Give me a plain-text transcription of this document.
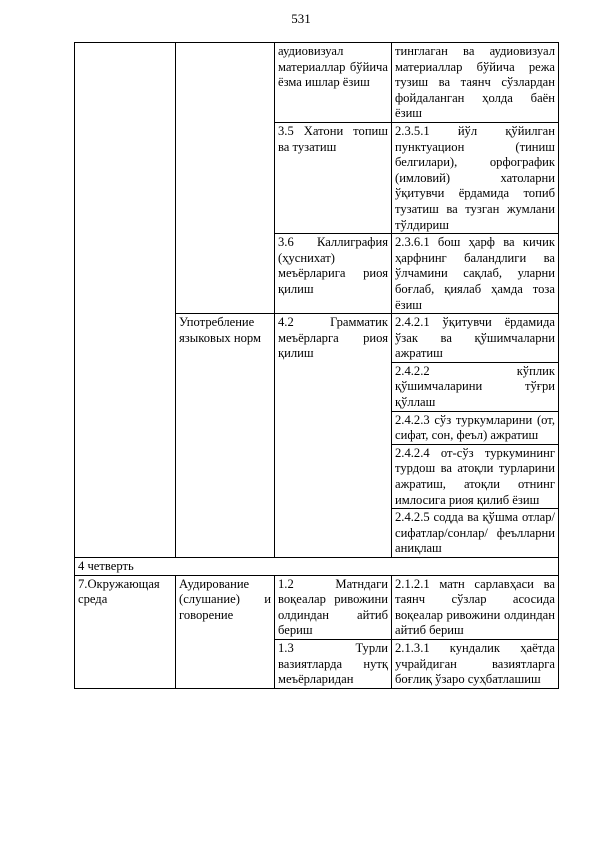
531
		аудиовизуал материаллар бўйича ёзма ишлар ёзиш	тинглаган ва аудиовизуал материаллар бўйича режа тузиш ва таянч сўзлардан фойдаланган ҳолда баён ёзиш
		3.5 Хатони топиш ва тузатиш	2.3.5.1 йўл қўйилган пунктуацион (тиниш белгилари), орфографик (имловий) хатоларни ўқитувчи ёрдамида топиб тузатиш ва тузган жумлани тўлдириш
		3.6 Каллиграфия (ҳуснихат) меъёрларига риоя қилиш	2.3.6.1 бош ҳарф ва кичик ҳарфнинг баландлиги ва ўлчамини сақлаб, уларни боғлаб, қиялаб ҳамда тоза ёзиш
	Употребление языковых норм	4.2 Грамматик меъёрларга риоя қилиш	2.4.2.1 ўқитувчи ёрдамида ўзак ва қўшимчаларни ажратиш
			2.4.2.2 кўплик қўшимчаларини тўғри қўллаш
			2.4.2.3 сўз туркумларини (от, сифат, сон, феъл) ажратиш
			2.4.2.4 от-сўз туркумининг турдош ва атоқли турларини ажратиш, атоқли отнинг имлосига риоя қилиб ёзиш
			2.4.2.5 содда ва қўшма отлар/сифатлар/сонлар/ феълларни аниқлаш
4 четверть			
7.Окружающая среда	Аудирование (слушание) и говорение	1.2 Матндаги воқеалар ривожини олдиндан айтиб бериш	2.1.2.1 матн сарлавҳаси ва таянч сўзлар асосида воқеалар ривожини олдиндан айтиб бериш
		1.3 Турли вазиятларда нутқ меъёрларидан	2.1.3.1 кундалик ҳаётда учрайдиган вазиятларга боғлиқ ўзаро суҳбатлашиш
